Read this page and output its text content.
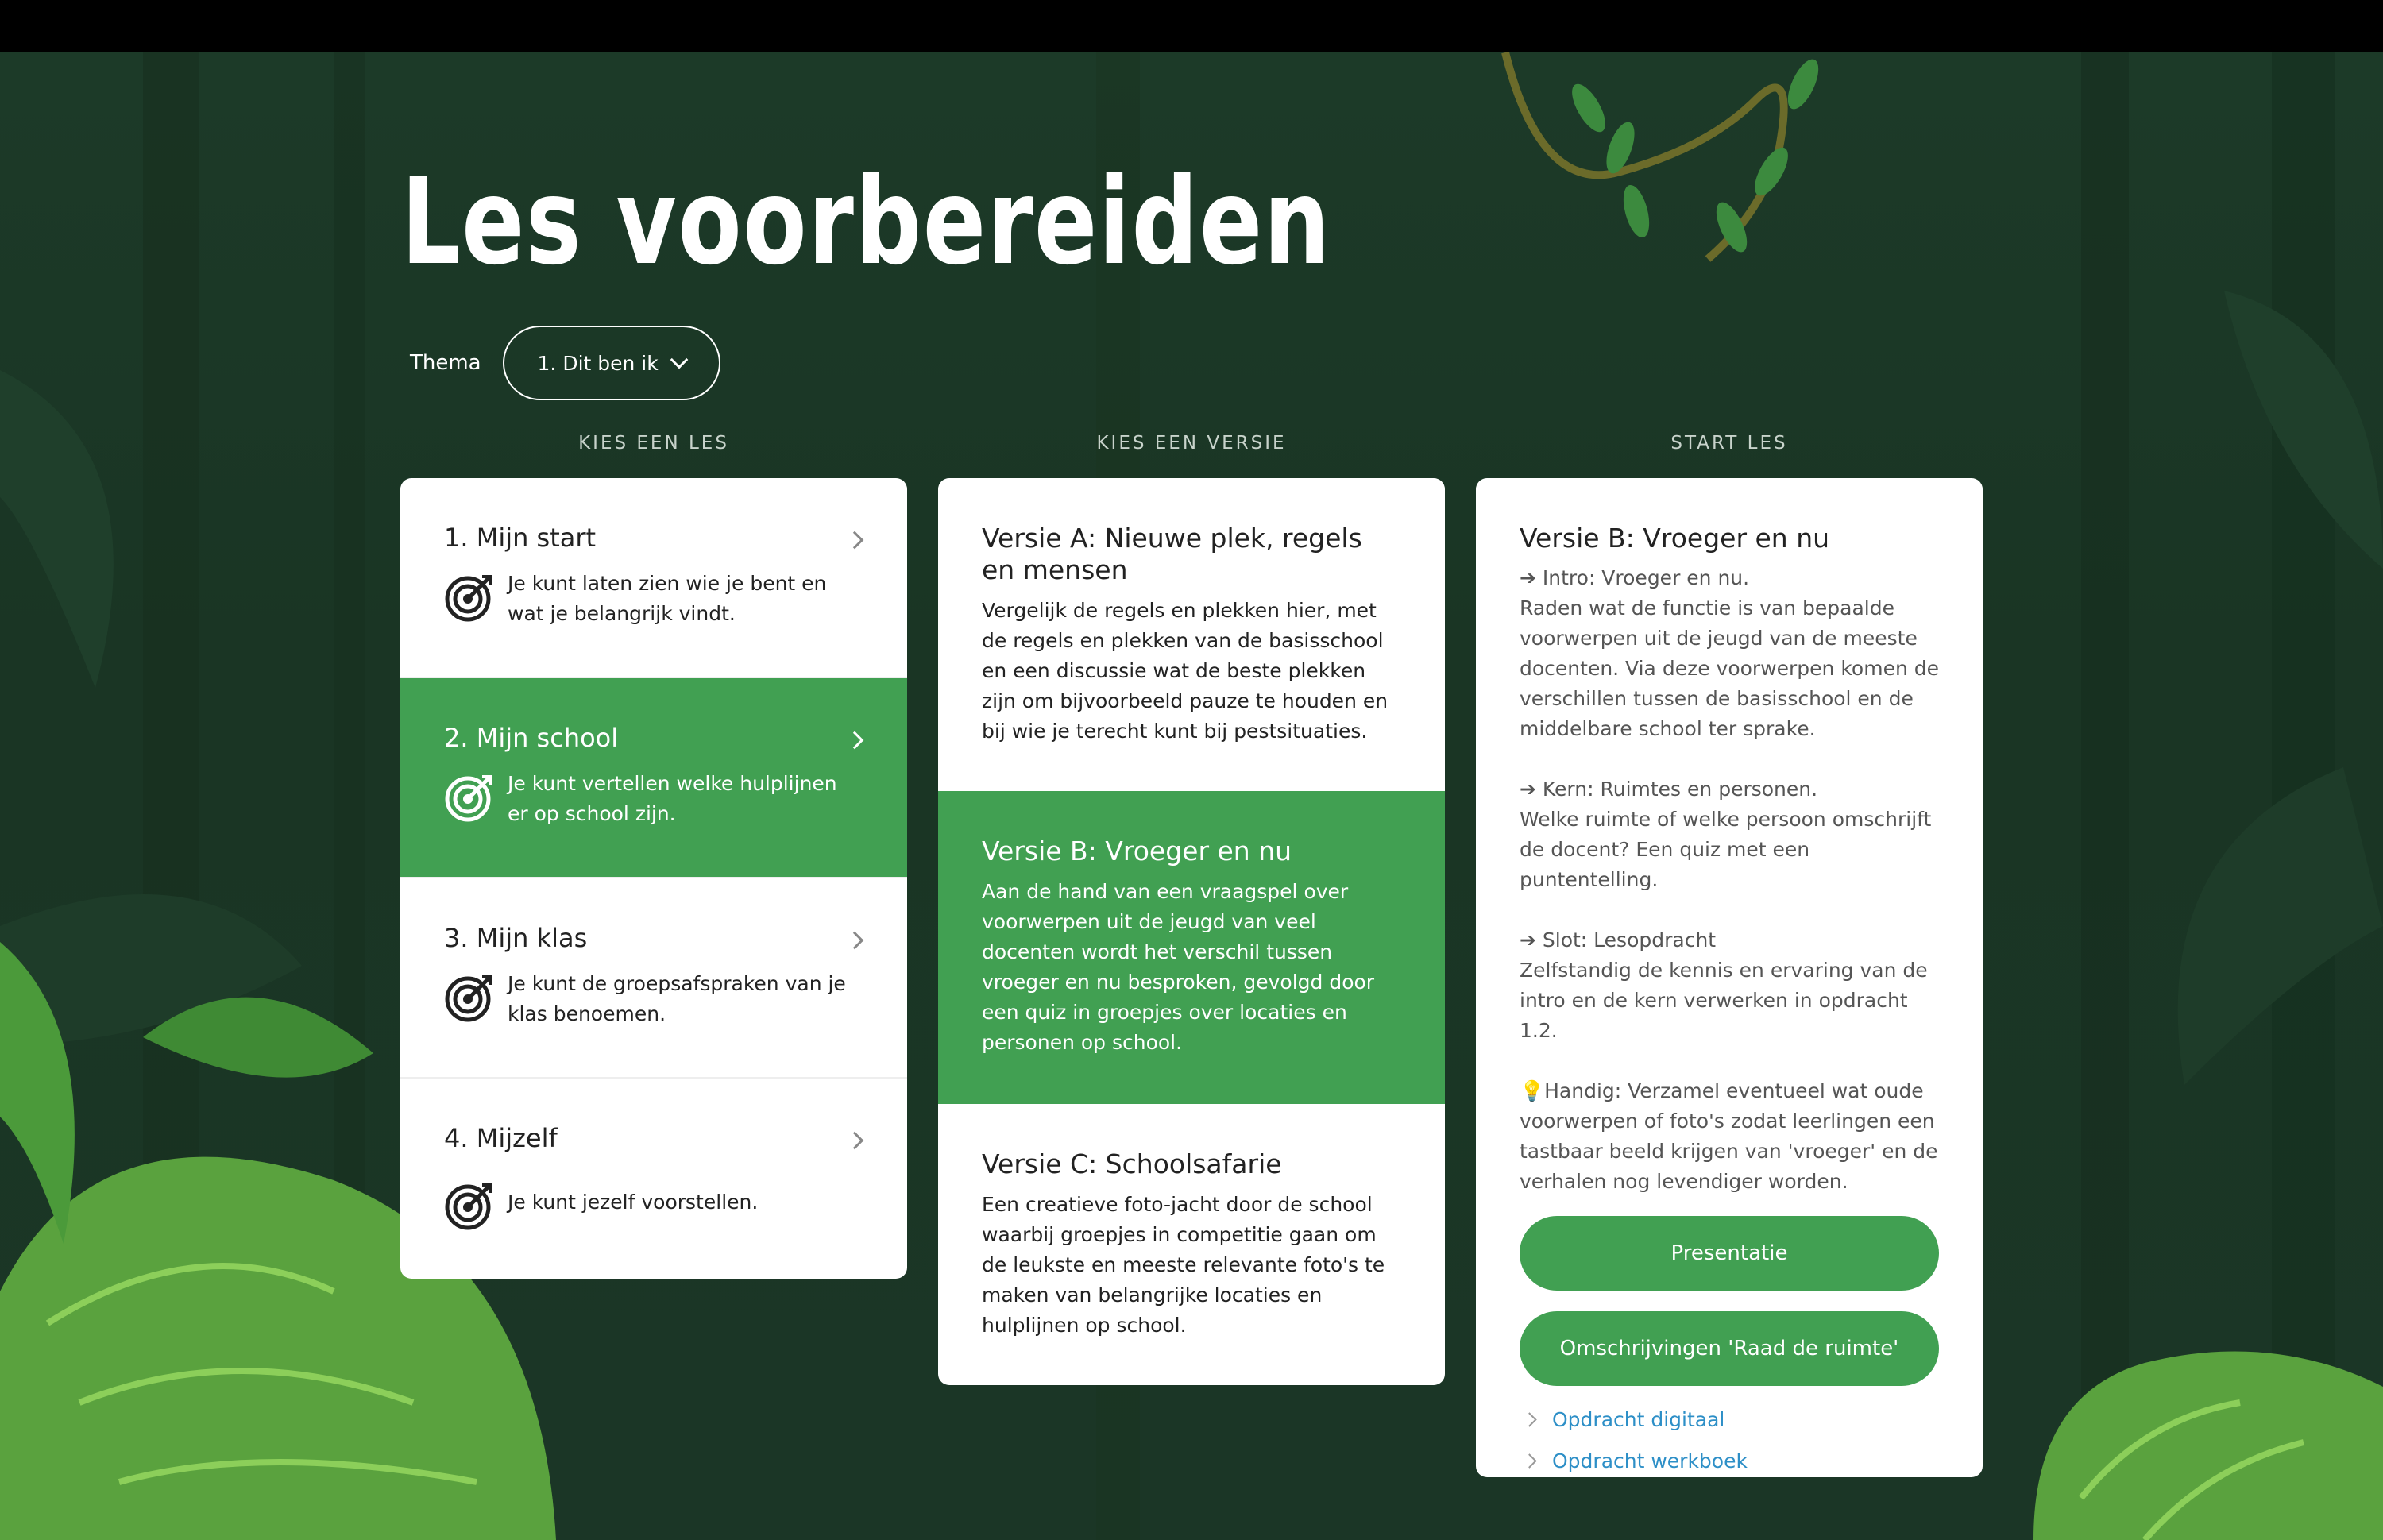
Les voorbereiden
Thema	1. Dit ben ik
KIES EEN LES	KIES EEN VERSIE	START LES
1. Mijn start
Je kunt laten zien wie je bent en wat je belangrijk vindt.
2. Mijn school
Je kunt vertellen welke hulplijnen er op school zijn.
3. Mijn klas
Je kunt de groepsafspraken van je klas benoemen.
4. Mijzelf
Je kunt jezelf voorstellen.
Versie A: Nieuwe plek, regels en mensen
Vergelijk de regels en plekken hier, met de regels en plekken van de basisschool en een discussie wat de beste plekken zijn om bijvoorbeeld pauze te houden en bij wie je terecht kunt bij pestsituaties.
Versie B: Vroeger en nu
Aan de hand van een vraagspel over voorwerpen uit de jeugd van veel docenten wordt het verschil tussen vroeger en nu besproken, gevolgd door een quiz in groepjes over locaties en personen op school.
Versie C: Schoolsafarie
Een creatieve foto-jacht door de school waarbij groepjes in competitie gaan om de leukste en meeste relevante foto's te maken van belangrijke locaties en hulplijnen op school.
Versie B: Vroeger en nu

➔ Intro: Vroeger en nu.

Raden wat de functie is van bepaalde voorwerpen uit de jeugd van de meeste docenten. Via deze voorwerpen komen de verschillen tussen de basisschool en de middelbare school ter sprake.

➔ Kern: Ruimtes en personen.

Welke ruimte of welke persoon omschrijft de docent? Een quiz met een puntentelling.

➔ Slot: Lesopdracht

Zelfstandig de kennis en ervaring van de intro en de kern verwerken in opdracht 1.2.

💡Handig: Verzamel eventueel wat oude voorwerpen of foto's zodat leerlingen een tastbaar beeld krijgen van 'vroeger' en de verhalen nog levendiger worden.

Presentatie
Omschrijvingen 'Raad de ruimte'
Opdracht digitaal
Opdracht werkboek
